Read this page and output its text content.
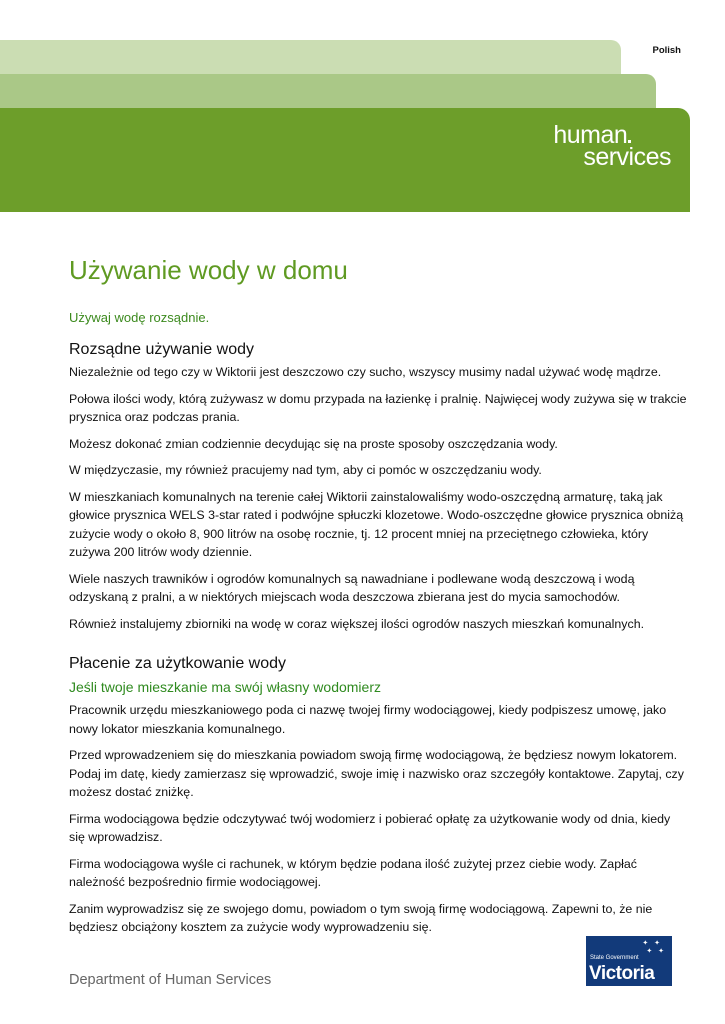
Polish
human
services
Używanie wody w domu
Używaj wodę rozsądnie.
Rozsądne używanie wody

Niezależnie od tego czy w Wiktorii jest deszczowo czy sucho, wszyscy musimy nadal używać wodę mądrze.

Połowa ilości wody, którą zużywasz w domu przypada na łazienkę i pralnię. Najwięcej wody zużywa się w trakcie prysznica oraz podczas prania.

Możesz dokonać zmian codziennie decydując się na proste sposoby oszczędzania wody.

W międzyczasie, my również pracujemy nad tym, aby ci pomóc w oszczędzaniu wody.

W mieszkaniach komunalnych na terenie całej Wiktorii zainstalowaliśmy wodo-oszczędną armaturę, taką jak głowice prysznica WELS 3-star rated i podwójne spłuczki klozetowe. Wodo-oszczędne głowice prysznica obniżą zużycie wody o około 8, 900 litrów na osobę rocznie, tj. 12 procent mniej na przeciętnego człowieka, który zużywa 200 litrów wody dziennie.

Wiele naszych trawników i ogrodów komunalnych są nawadniane i podlewane wodą deszczową i wodą odzyskaną z pralni, a w niektórych miejscach woda deszczowa zbierana jest do mycia samochodów.

Również instalujemy zbiorniki na wodę w coraz większej ilości ogrodów naszych mieszkań komunalnych.

Płacenie za użytkowanie wody
Jeśli twoje mieszkanie ma swój własny wodomierz

Pracownik urzędu mieszkaniowego poda ci nazwę twojej firmy wodociągowej, kiedy podpiszesz umowę, jako nowy lokator mieszkania komunalnego.

Przed wprowadzeniem się do mieszkania powiadom swoją firmę wodociągową, że będziesz nowym lokatorem. Podaj im datę, kiedy zamierzasz się wprowadzić, swoje imię i nazwisko oraz szczegóły kontaktowe. Zapytaj, czy możesz dostać zniżkę.

Firma wodociągowa będzie odczytywać twój wodomierz i pobierać opłatę za użytkowanie wody od dnia, kiedy się wprowadzisz.

Firma wodociągowa wyśle ci rachunek, w którym będzie podana ilość zużytej przez ciebie wody. Zapłać należność bezpośrednio firmie wodociągowej.

Zanim wyprowadzisz się ze swojego domu, powiadom o tym swoją firmę wodociągową. Zapewni to, że nie będziesz obciążony kosztem za zużycie wody wyprowadzeniu się.

Department of Human Services
✦ ✦
✦ ✦
State Government
Victoria
